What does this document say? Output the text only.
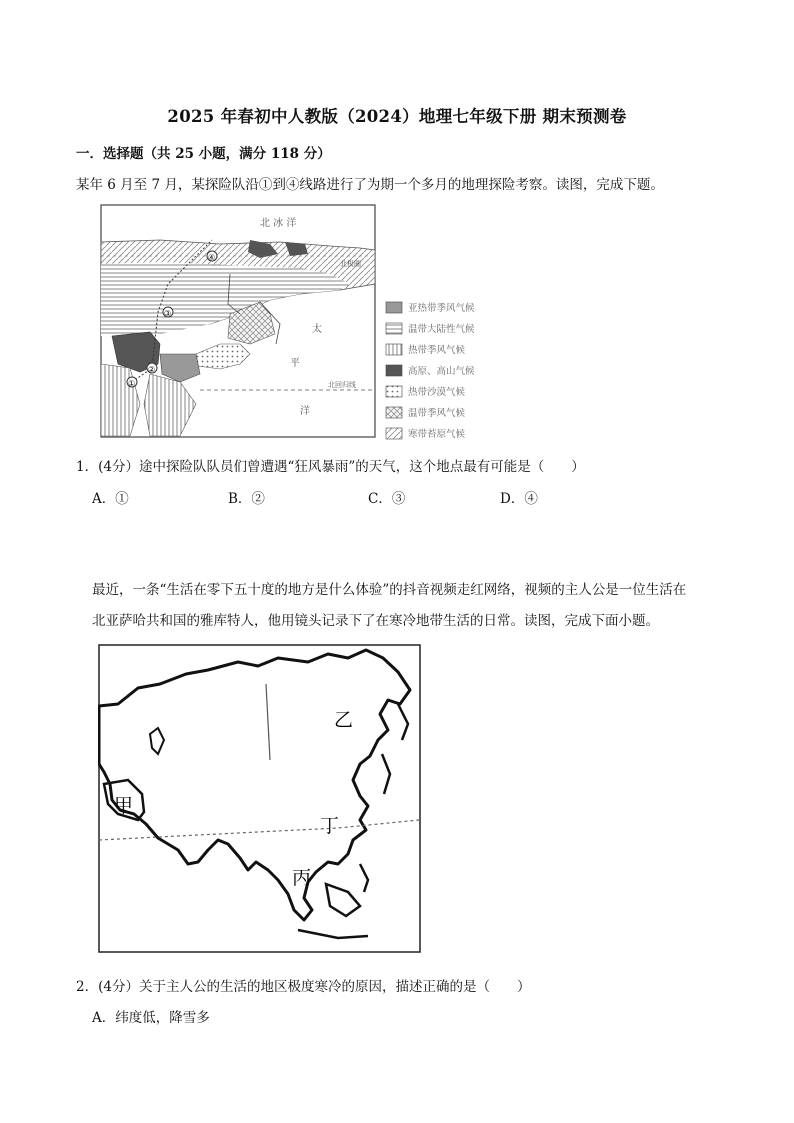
2025 年春初中人教版（2024）地理七年级下册 期末预测卷
一．选择题（共 25 小题，满分 118 分）
某年 6 月至 7 月，某探险队沿①到④线路进行了为期一个多月的地理探险考察。读图，完成下题。
①
②
③
④
北 冰 洋
北极圈
太
平
洋
北回归线
亚热带季风气候
温带大陆性气候
热带季风气候
高原、高山气候
热带沙漠气候
温带季风气候
寒带苔原气候
1．(4分）途中探险队队员们曾遭遇“狂风暴雨”的天气，这个地点最有可能是（　　）
A．①	B．②	C．③	D．④
最近，一条“生活在零下五十度的地方是什么体验”的抖音视频走红网络，视频的主人公是一位生活在
北亚萨哈共和国的雅库特人，他用镜头记录下了在寒冷地带生活的日常。读图，完成下面小题。
乙
甲
丁
丙
2．(4分）关于主人公的生活的地区极度寒冷的原因，描述正确的是（　　）
A．纬度低，降雪多
